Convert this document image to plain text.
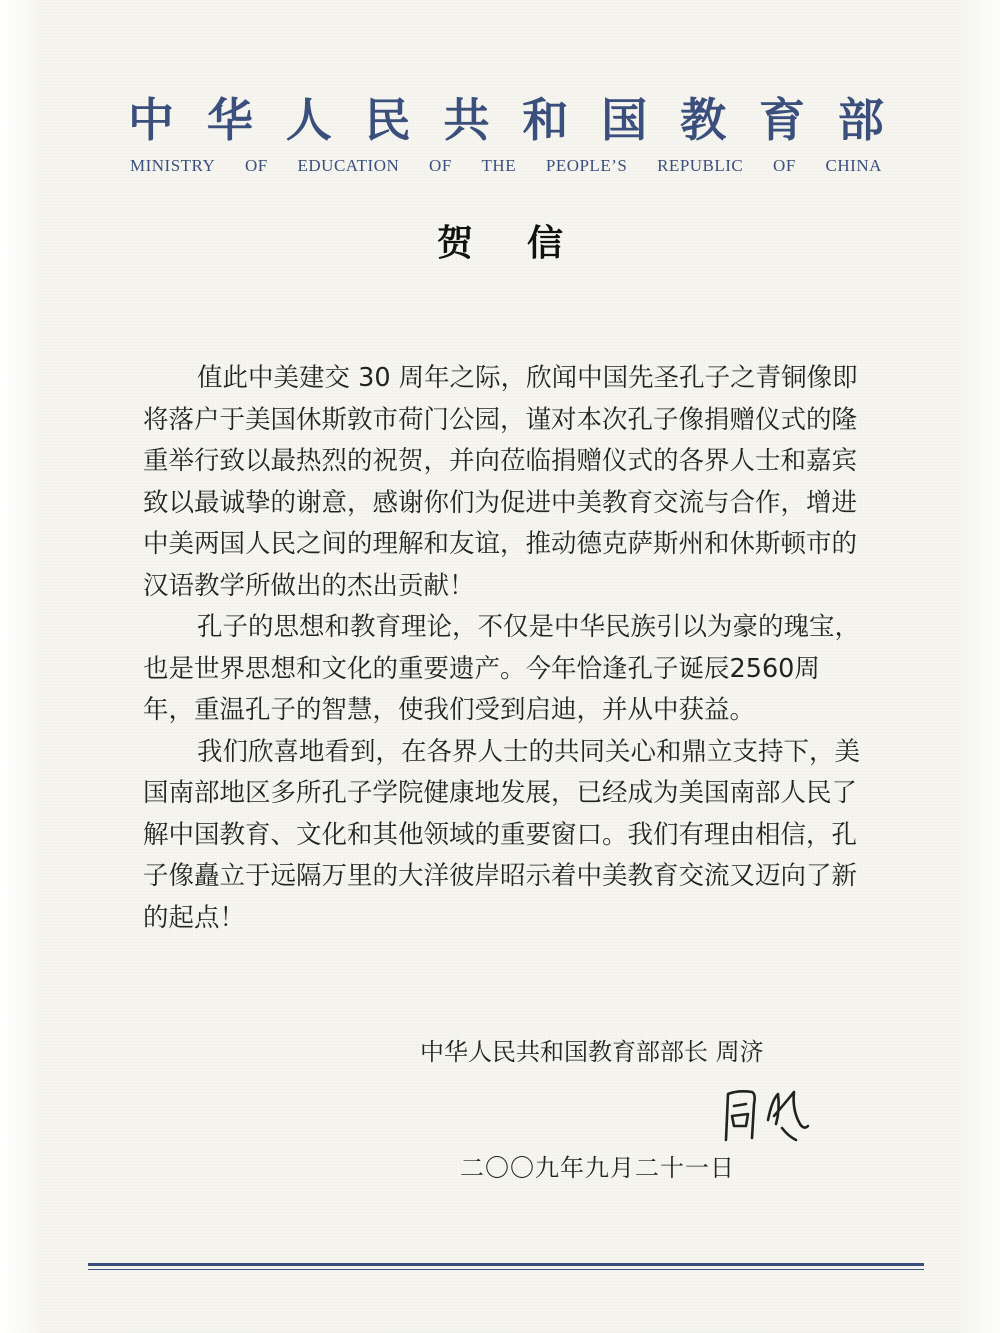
中 华 人 民 共 和 国 教 育 部
MINISTRY OF EDUCATION OF THE PEOPLE’S REPUBLIC OF CHINA
贺信

值此中美建交 30 周年之际，欣闻中国先圣孔子之青铜像即将落户于美国休斯敦市荷门公园，谨对本次孔子像捐赠仪式的隆重举行致以最热烈的祝贺，并向莅临捐赠仪式的各界人士和嘉宾致以最诚挚的谢意，感谢你们为促进中美教育交流与合作，增进中美两国人民之间的理解和友谊，推动德克萨斯州和休斯顿市的汉语教学所做出的杰出贡献！

孔子的思想和教育理论，不仅是中华民族引以为豪的瑰宝，也是世界思想和文化的重要遗产。今年恰逢孔子诞辰2560周年，重温孔子的智慧，使我们受到启迪，并从中获益。

我们欣喜地看到，在各界人士的共同关心和鼎立支持下，美国南部地区多所孔子学院健康地发展，已经成为美国南部人民了解中国教育、文化和其他领域的重要窗口。我们有理由相信，孔子像矗立于远隔万里的大洋彼岸昭示着中美教育交流又迈向了新的起点！

中华人民共和国教育部部长 周济
二〇〇九年九月二十一日
